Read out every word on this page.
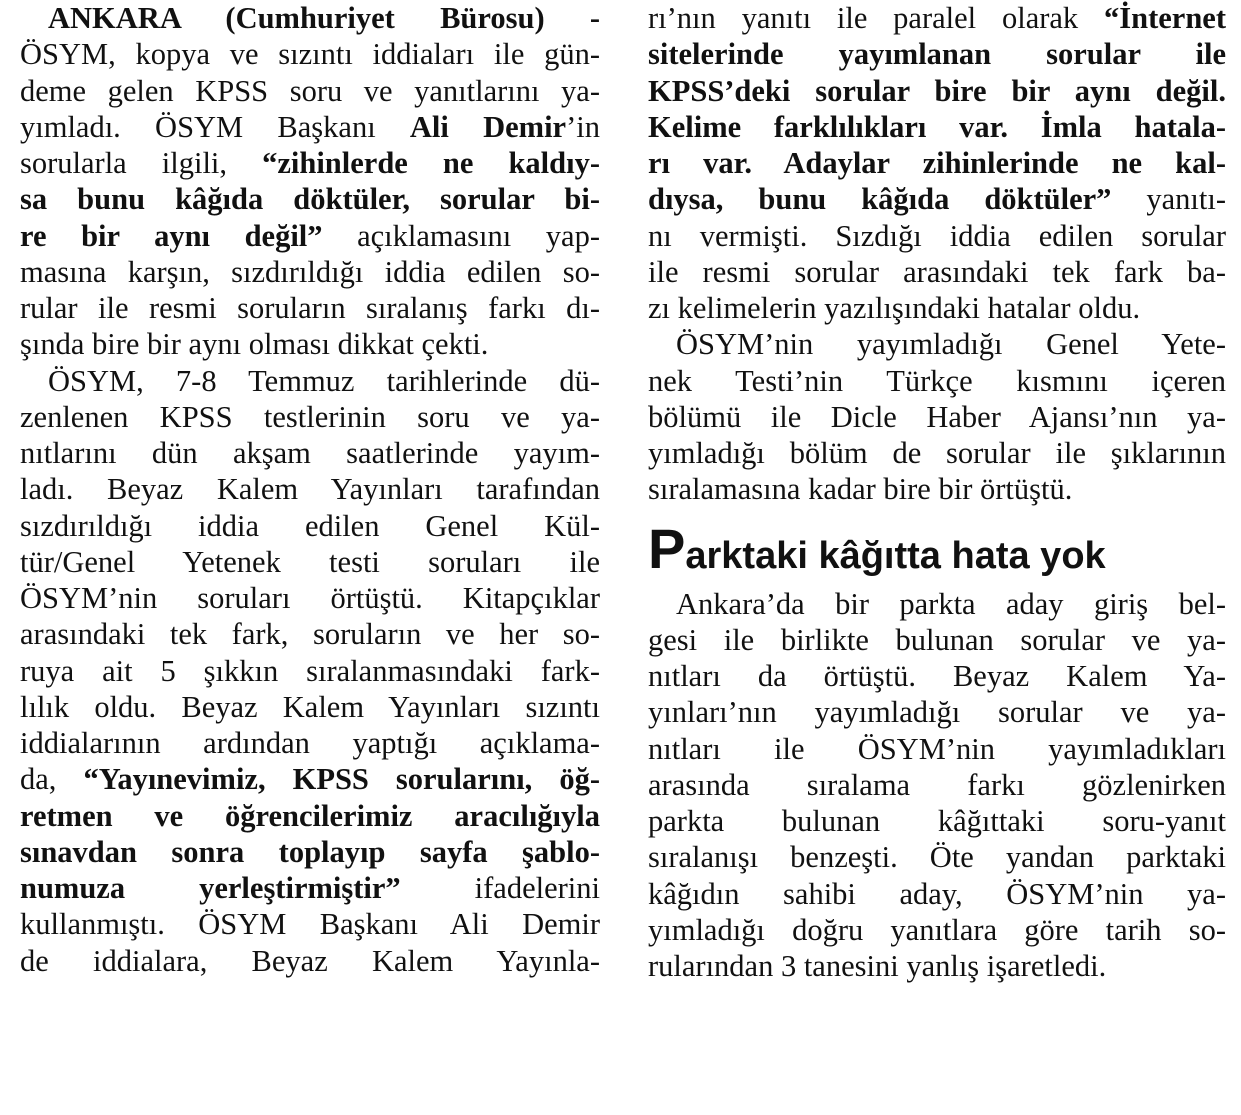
ANKARA (Cumhuriyet Bürosu) -
ÖSYM, kopya ve sızıntı iddiaları ile gün-
deme gelen KPSS soru ve yanıtlarını ya-
yımladı. ÖSYM Başkanı Ali Demir’in
sorularla ilgili, “zihinlerde ne kaldıy-
sa bunu kâğıda döktüler, sorular bi-
re bir aynı değil” açıklamasını yap-
masına karşın, sızdırıldığı iddia edilen so-
rular ile resmi soruların sıralanış farkı dı-
şında bire bir aynı olması dikkat çekti.
ÖSYM, 7-8 Temmuz tarihlerinde dü-
zenlenen KPSS testlerinin soru ve ya-
nıtlarını dün akşam saatlerinde yayım-
ladı. Beyaz Kalem Yayınları tarafından
sızdırıldığı iddia edilen Genel Kül-
tür/Genel Yetenek testi soruları ile
ÖSYM’nin soruları örtüştü. Kitapçıklar
arasındaki tek fark, soruların ve her so-
ruya ait 5 şıkkın sıralanmasındaki fark-
lılık oldu. Beyaz Kalem Yayınları sızıntı
iddialarının ardından yaptığı açıklama-
da, “Yayınevimiz, KPSS sorularını, öğ-
retmen ve öğrencilerimiz aracılığıyla
sınavdan sonra toplayıp sayfa şablo-
numuza yerleştirmiştir” ifadelerini
kullanmıştı. ÖSYM Başkanı Ali Demir
de iddialara, Beyaz Kalem Yayınla-
rı’nın yanıtı ile paralel olarak “İnternet
sitelerinde yayımlanan sorular ile
KPSS’deki sorular bire bir aynı değil.
Kelime farklılıkları var. İmla hatala-
rı var. Adaylar zihinlerinde ne kal-
dıysa, bunu kâğıda döktüler” yanıtı-
nı vermişti. Sızdığı iddia edilen sorular
ile resmi sorular arasındaki tek fark ba-
zı kelimelerin yazılışındaki hatalar oldu.
ÖSYM’nin yayımladığı Genel Yete-
nek Testi’nin Türkçe kısmını içeren
bölümü ile Dicle Haber Ajansı’nın ya-
yımladığı bölüm de sorular ile şıklarının
sıralamasına kadar bire bir örtüştü.
Parktaki kâğıtta hata yok
Ankara’da bir parkta aday giriş bel-
gesi ile birlikte bulunan sorular ve ya-
nıtları da örtüştü. Beyaz Kalem Ya-
yınları’nın yayımladığı sorular ve ya-
nıtları ile ÖSYM’nin yayımladıkları
arasında sıralama farkı gözlenirken
parkta bulunan kâğıttaki soru-yanıt
sıralanışı benzeşti. Öte yandan parktaki
kâğıdın sahibi aday, ÖSYM’nin ya-
yımladığı doğru yanıtlara göre tarih so-
rularından 3 tanesini yanlış işaretledi.
